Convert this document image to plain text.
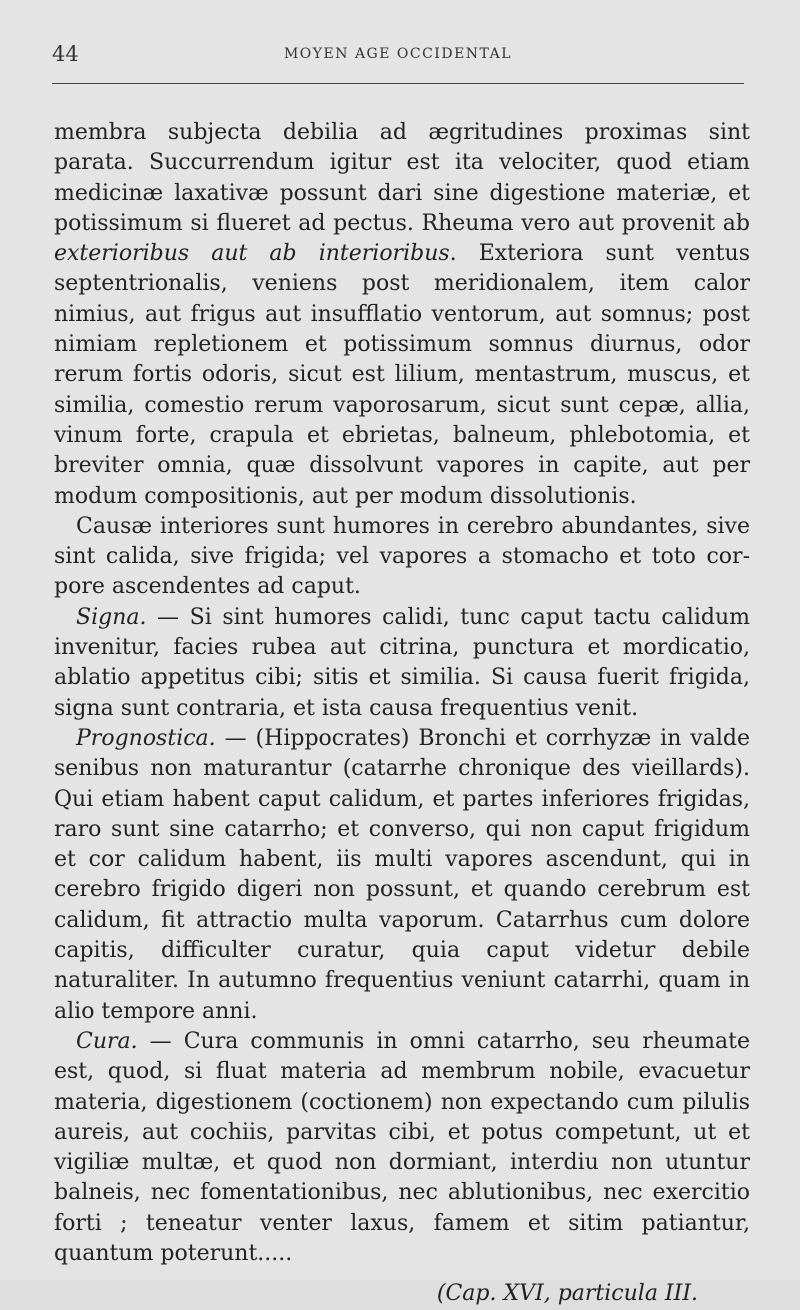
44	MOYEN AGE OCCIDENTAL

membra subjecta debilia ad ægritudines proximas sint parata. Succurrendum igitur est ita velociter, quod etiam medicinæ laxativæ possunt dari sine digestione materiæ, et potissimum si flueret ad pectus. Rheuma vero aut provenit ab exterioribus aut ab interioribus. Exteriora sunt ventus septentrionalis, veniens post meridionalem, item calor nimius, aut frigus aut insufflatio ventorum, aut somnus; post nimiam repletionem et potissimum somnus diurnus, odor rerum fortis odoris, sicut est lilium, mentastrum, muscus, et similia, comestio rerum vaporosarum, sicut sunt cepæ, allia, vinum forte, crapula et ebrietas, balneum, phlebotomia, et breviter omnia, quæ dissolvunt vapores in capite, aut per modum compositionis, aut per modum dissolutionis.

Causæ interiores sunt humores in cerebro abundantes, sive sint calida, sive frigida; vel vapores a stomacho et toto corpore ascendentes ad caput.

Signa. — Si sint humores calidi, tunc caput tactu calidum invenitur, facies rubea aut citrina, punctura et mordicatio, ablatio appetitus cibi; sitis et similia. Si causa fuerit frigida, signa sunt contraria, et ista causa frequentius venit.

Prognostica. — (Hippocrates) Bronchi et corrhyzæ in valde senibus non maturantur (catarrhe chronique des vieillards). Qui etiam habent caput calidum, et partes inferiores frigidas, raro sunt sine catarrho; et converso, qui non caput frigidum et cor calidum habent, iis multi vapores ascendunt, qui in cerebro frigido digeri non possunt, et quando cerebrum est calidum, fit attractio multa vaporum. Catarrhus cum dolore capitis, difficulter curatur, quia caput videtur debile naturaliter. In autumno frequentius veniunt catarrhi, quam in alio tempore anni.

Cura. — Cura communis in omni catarrho, seu rheumate est, quod, si fluat materia ad membrum nobile, evacuetur materia, digestionem (coctionem) non expectando cum pilulis aureis, aut cochiis, parvitas cibi, et potus competunt, ut et vigiliæ multæ, et quod non dormiant, interdiu non utuntur balneis, nec fomentationibus, nec ablutionibus, nec exercitio forti ; teneatur venter laxus, famem et sitim patiantur, quantum poterunt.....

(Cap. XVI, particula III.
